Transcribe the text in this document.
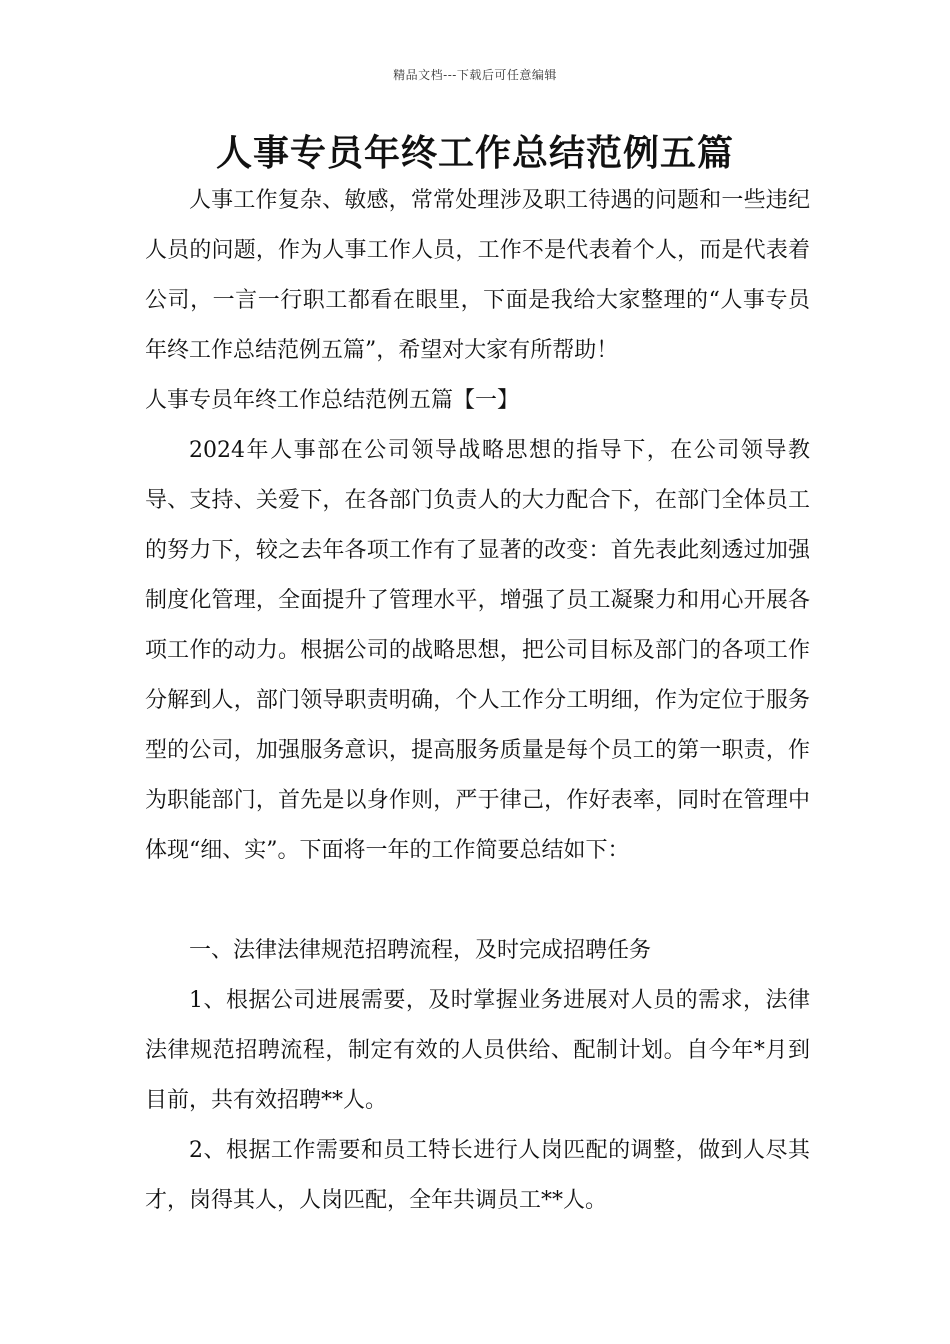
精品文档---下载后可任意编辑
人事专员年终工作总结范例五篇

人事工作复杂、敏感，常常处理涉及职工待遇的问题和一些违纪人员的问题，作为人事工作人员，工作不是代表着个人，而是代表着公司，一言一行职工都看在眼里，下面是我给大家整理的“人事专员年终工作总结范例五篇”，希望对大家有所帮助！

人事专员年终工作总结范例五篇【一】

2024年人事部在公司领导战略思想的指导下，在公司领导教导、支持、关爱下，在各部门负责人的大力配合下，在部门全体员工的努力下，较之去年各项工作有了显著的改变：首先表此刻透过加强制度化管理，全面提升了管理水平，增强了员工凝聚力和用心开展各项工作的动力。根据公司的战略思想，把公司目标及部门的各项工作分解到人，部门领导职责明确，个人工作分工明细，作为定位于服务型的公司，加强服务意识，提高服务质量是每个员工的第一职责，作为职能部门，首先是以身作则，严于律己，作好表率，同时在管理中体现“细、实”。下面将一年的工作简要总结如下：

一、法律法律规范招聘流程，及时完成招聘任务

1、根据公司进展需要，及时掌握业务进展对人员的需求，法律法律规范招聘流程，制定有效的人员供给、配制计划。自今年*月到目前，共有效招聘**人。

2、根据工作需要和员工特长进行人岗匹配的调整，做到人尽其才，岗得其人，人岗匹配，全年共调员工**人。
